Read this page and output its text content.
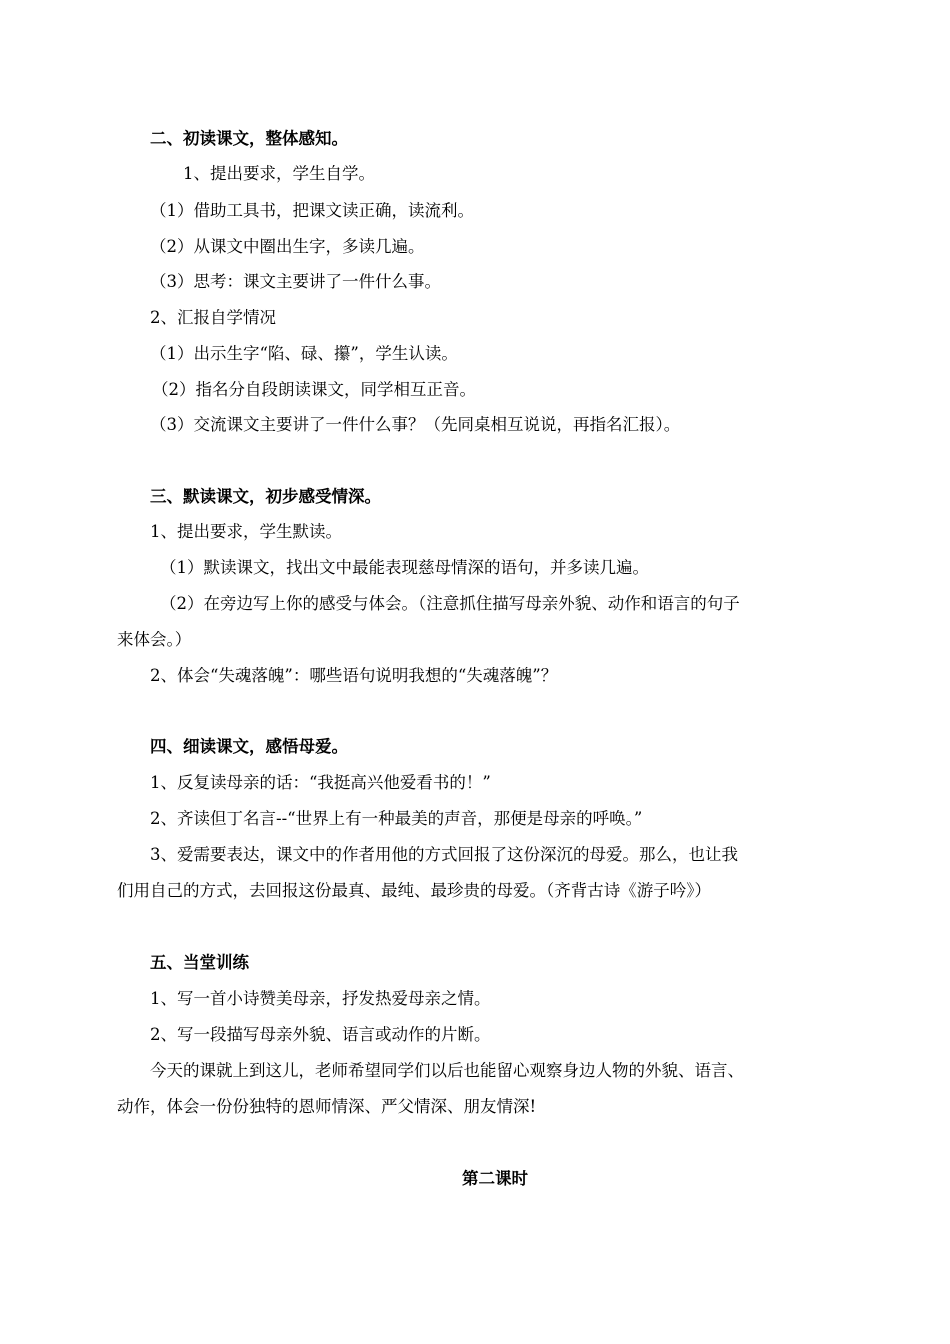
二、初读课文，整体感知。
1、提出要求，学生自学。
（1）借助工具书，把课文读正确，读流利。
（2）从课文中圈出生字，多读几遍。
（3）思考：课文主要讲了一件什么事。
2、汇报自学情况
（1）出示生字“陷、碌、攥”，学生认读。
（2）指名分自段朗读课文，同学相互正音。
（3）交流课文主要讲了一件什么事？（先同桌相互说说，再指名汇报）。
三、默读课文，初步感受情深。
1、提出要求，学生默读。
（1）默读课文，找出文中最能表现慈母情深的语句，并多读几遍。
（2）在旁边写上你的感受与体会。（注意抓住描写母亲外貌、动作和语言的句子
来体会。）
2、体会“失魂落魄”：哪些语句说明我想的“失魂落魄”？
四、细读课文，感悟母爱。
1、反复读母亲的话：“我挺高兴他爱看书的！”
2、齐读但丁名言--“世界上有一种最美的声音，那便是母亲的呼唤。”
3、爱需要表达，课文中的作者用他的方式回报了这份深沉的母爱。那么，也让我
们用自己的方式，去回报这份最真、最纯、最珍贵的母爱。（齐背古诗《游子吟》）
五、当堂训练
1、写一首小诗赞美母亲，抒发热爱母亲之情。
2、写一段描写母亲外貌、语言或动作的片断。
今天的课就上到这儿，老师希望同学们以后也能留心观察身边人物的外貌、语言、
动作，体会一份份独特的恩师情深、严父情深、朋友情深!
第二课时
